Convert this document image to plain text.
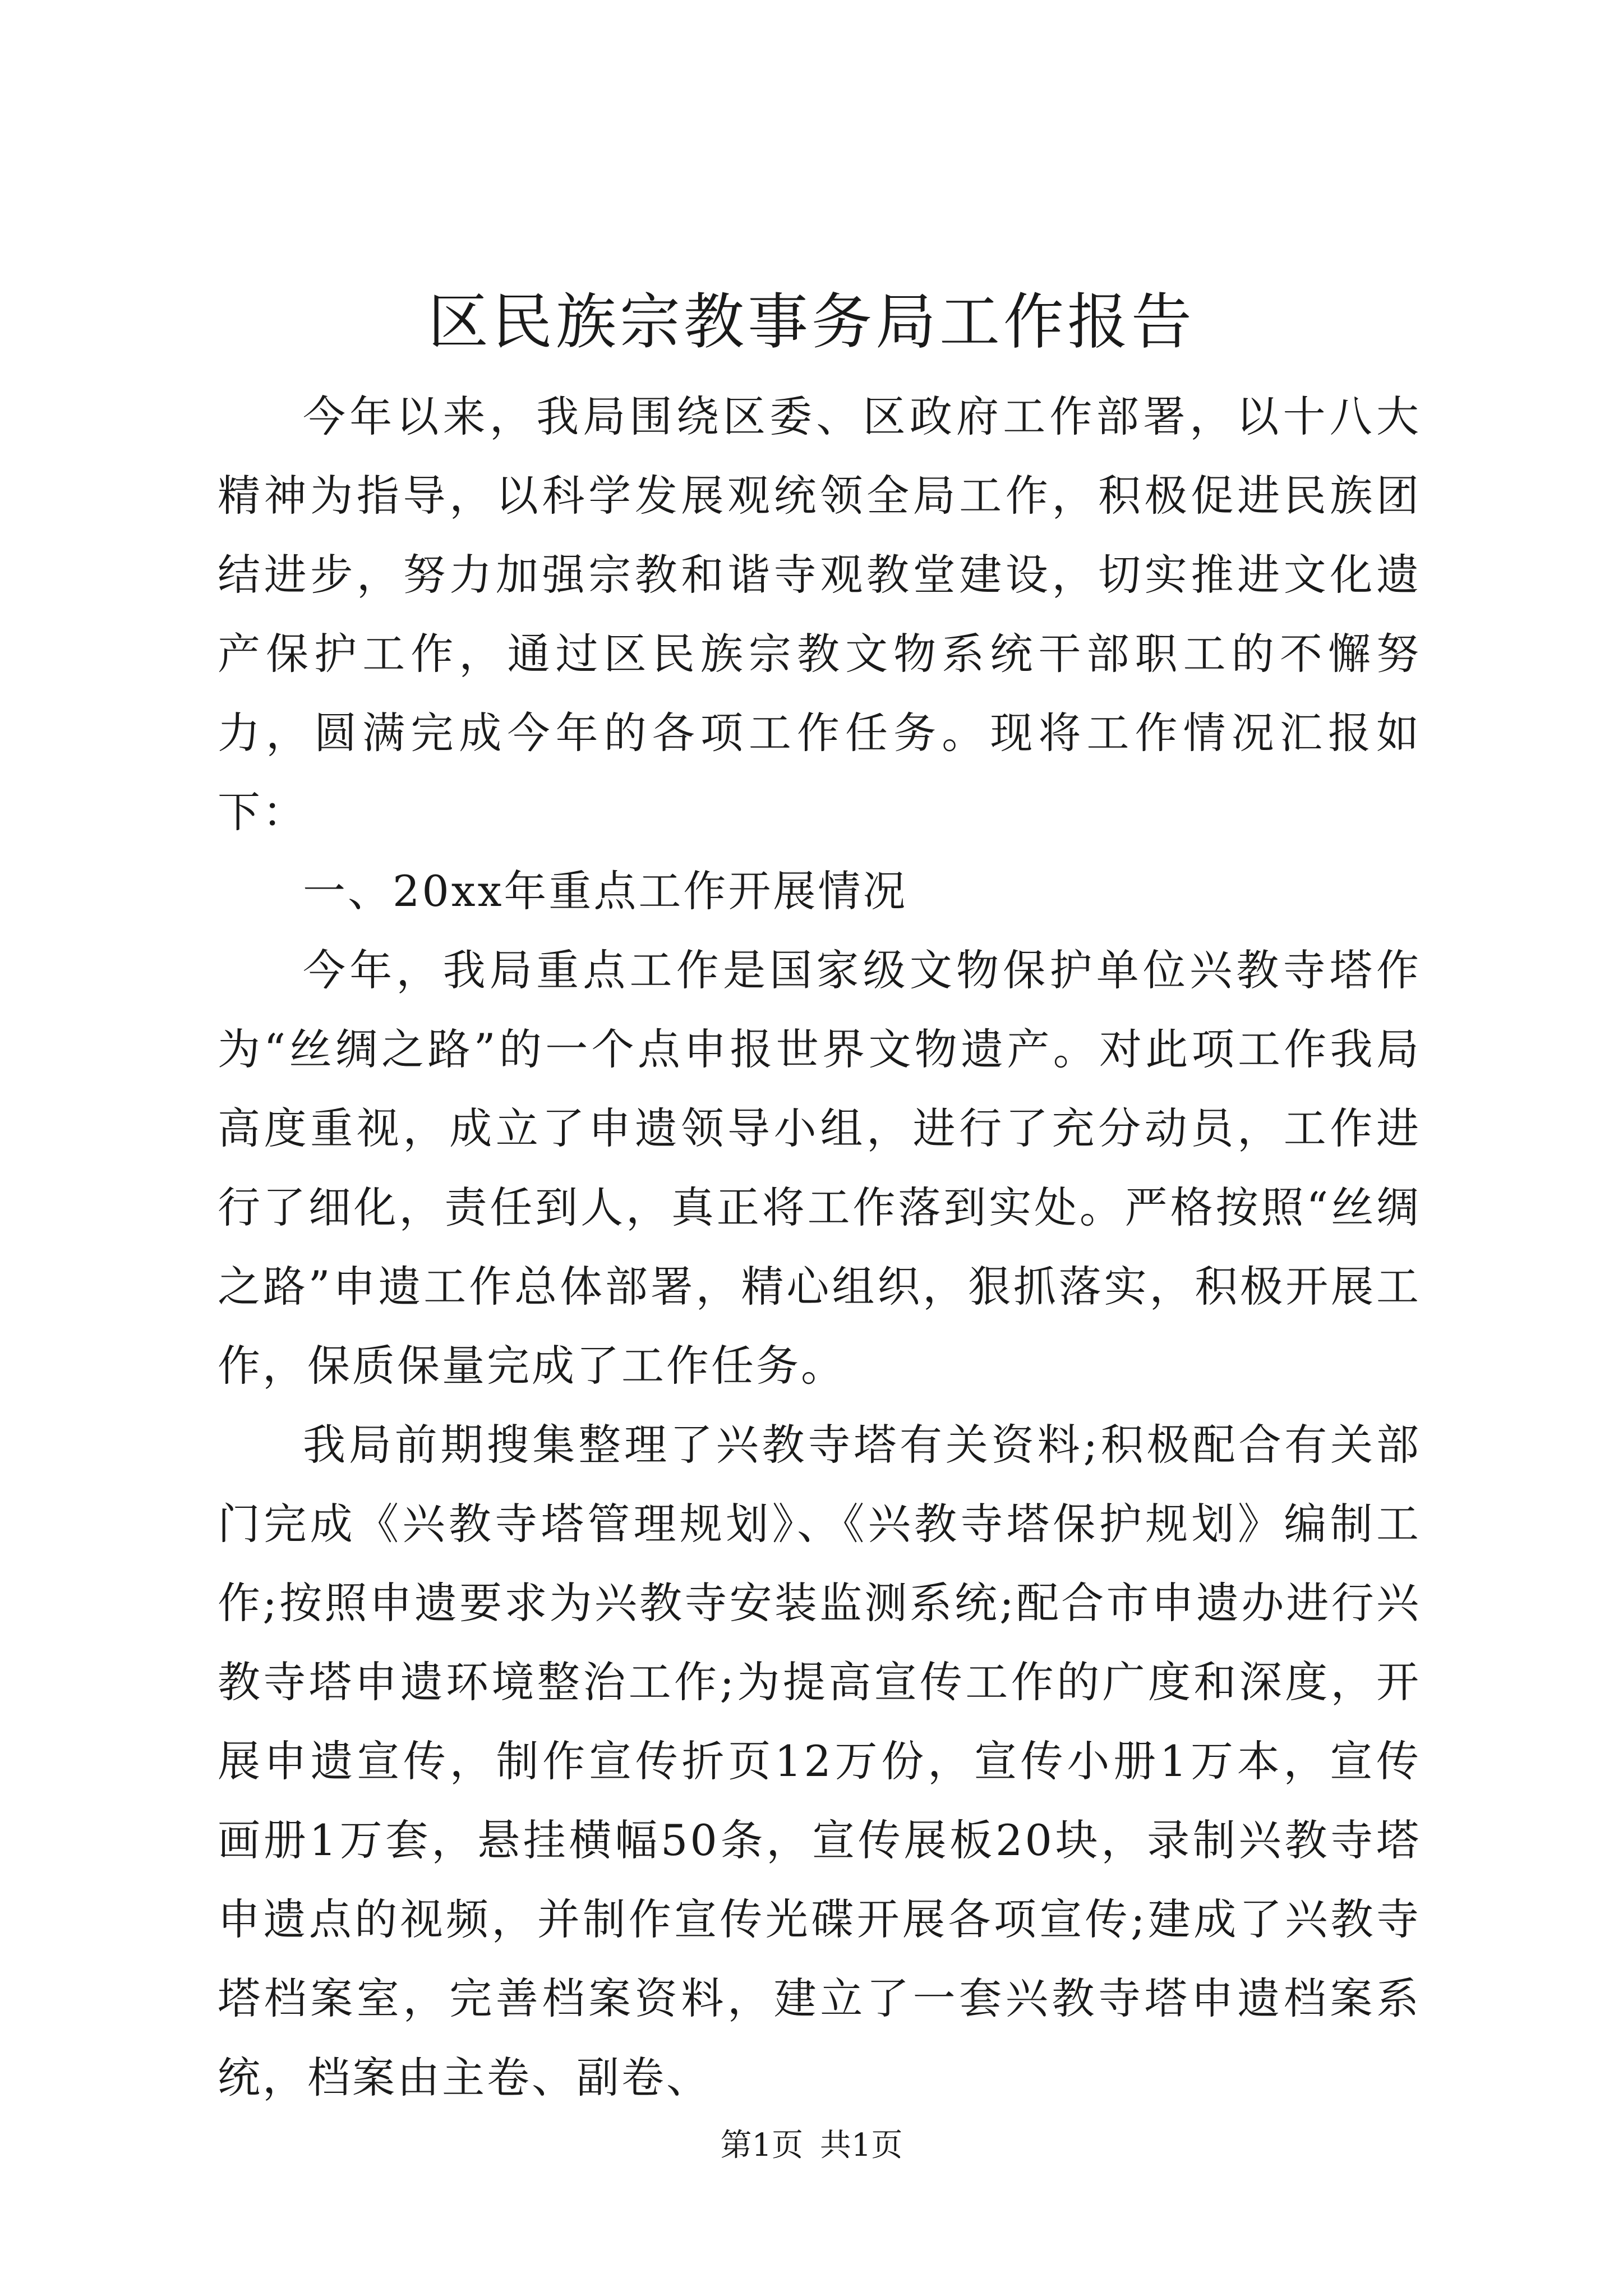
区民族宗教事务局工作报告

今年以来，我局围绕区委、区政府工作部署，以十八大精神为指导，以科学发展观统领全局工作，积极促进民族团结进步，努力加强宗教和谐寺观教堂建设，切实推进文化遗产保护工作，通过区民族宗教文物系统干部职工的不懈努力，圆满完成今年的各项工作任务。现将工作情况汇报如下：

一、20xx年重点工作开展情况

今年，我局重点工作是国家级文物保护单位兴教寺塔作为“丝绸之路”的一个点申报世界文物遗产。对此项工作我局高度重视，成立了申遗领导小组，进行了充分动员，工作进行了细化，责任到人，真正将工作落到实处。严格按照“丝绸之路”申遗工作总体部署，精心组织，狠抓落实，积极开展工作，保质保量完成了工作任务。

我局前期搜集整理了兴教寺塔有关资料;积极配合有关部门完成《兴教寺塔管理规划》、《兴教寺塔保护规划》编制工作;按照申遗要求为兴教寺安装监测系统;配合市申遗办进行兴教寺塔申遗环境整治工作;为提高宣传工作的广度和深度，开展申遗宣传，制作宣传折页12万份，宣传小册1万本，宣传画册1万套，悬挂横幅50条，宣传展板20块，录制兴教寺塔申遗点的视频，并制作宣传光碟开展各项宣传;建成了兴教寺塔档案室，完善档案资料，建立了一套兴教寺塔申遗档案系统，档案由主卷、副卷、

第1页 共1页
